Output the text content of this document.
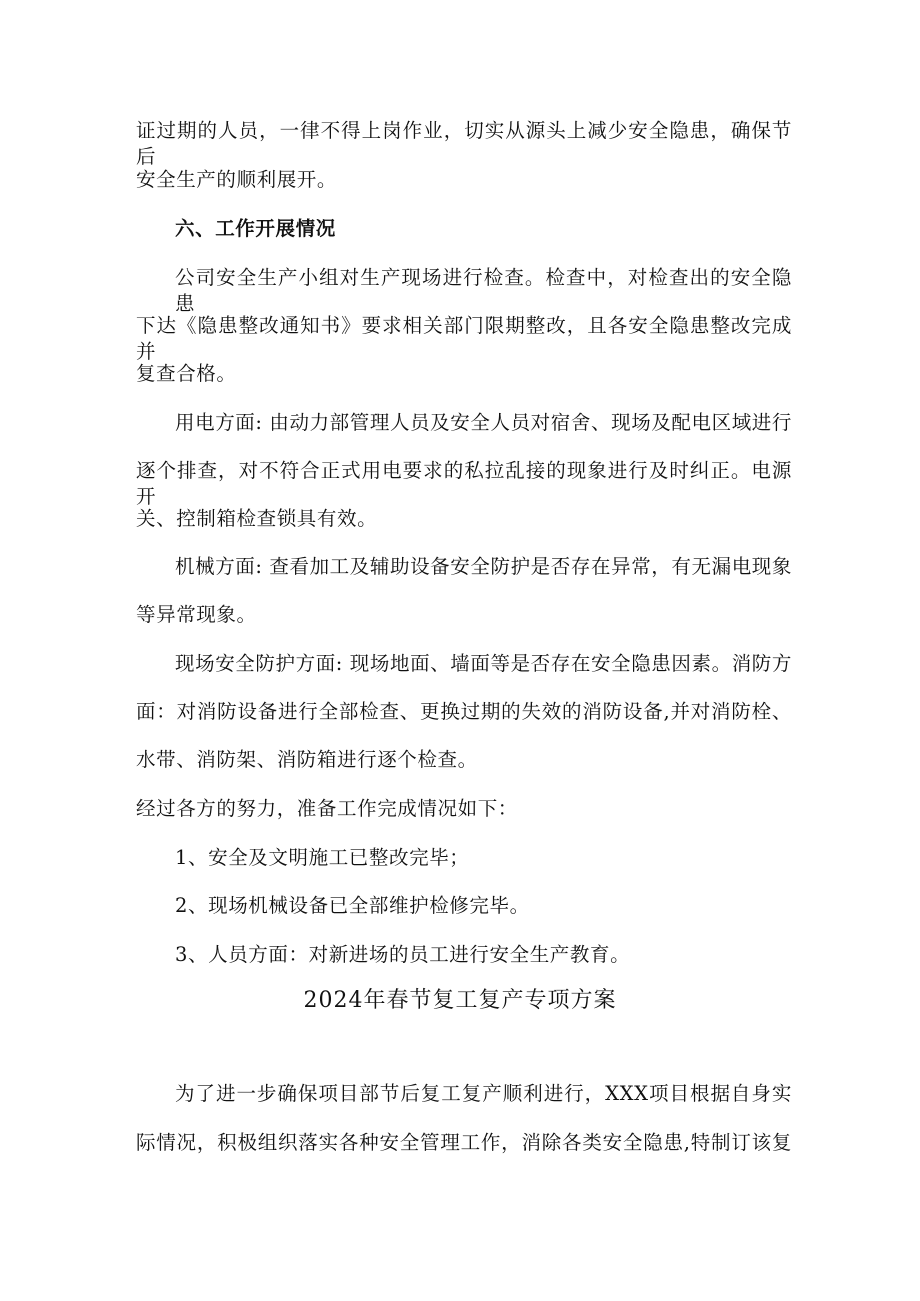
证过期的人员，一律不得上岗作业，切实从源头上减少安全隐患，确保节后
安全生产的顺利展开。
六、工作开展情况
公司安全生产小组对生产现场进行检查。检查中，对检查出的安全隐患
下达《隐患整改通知书》要求相关部门限期整改，且各安全隐患整改完成并
复查合格。
用电方面: 由动力部管理人员及安全人员对宿舍、现场及配电区域进行
逐个排查，对不符合正式用电要求的私拉乱接的现象进行及时纠正。电源开
关、控制箱检查锁具有效。
机械方面: 查看加工及辅助设备安全防护是否存在异常，有无漏电现象
等异常现象。
现场安全防护方面: 现场地面、墙面等是否存在安全隐患因素。消防方
面：对消防设备进行全部检查、更换过期的失效的消防设备,并对消防栓、
水带、消防架、消防箱进行逐个检查。
经过各方的努力，准备工作完成情况如下：
1、安全及文明施工已整改完毕；
2、现场机械设备已全部维护检修完毕。
3、人员方面：对新进场的员工进行安全生产教育。
2024年春节复工复产专项方案
为了进一步确保项目部节后复工复产顺利进行，XXX项目根据自身实
际情况，积极组织落实各种安全管理工作，消除各类安全隐患,特制订该复
